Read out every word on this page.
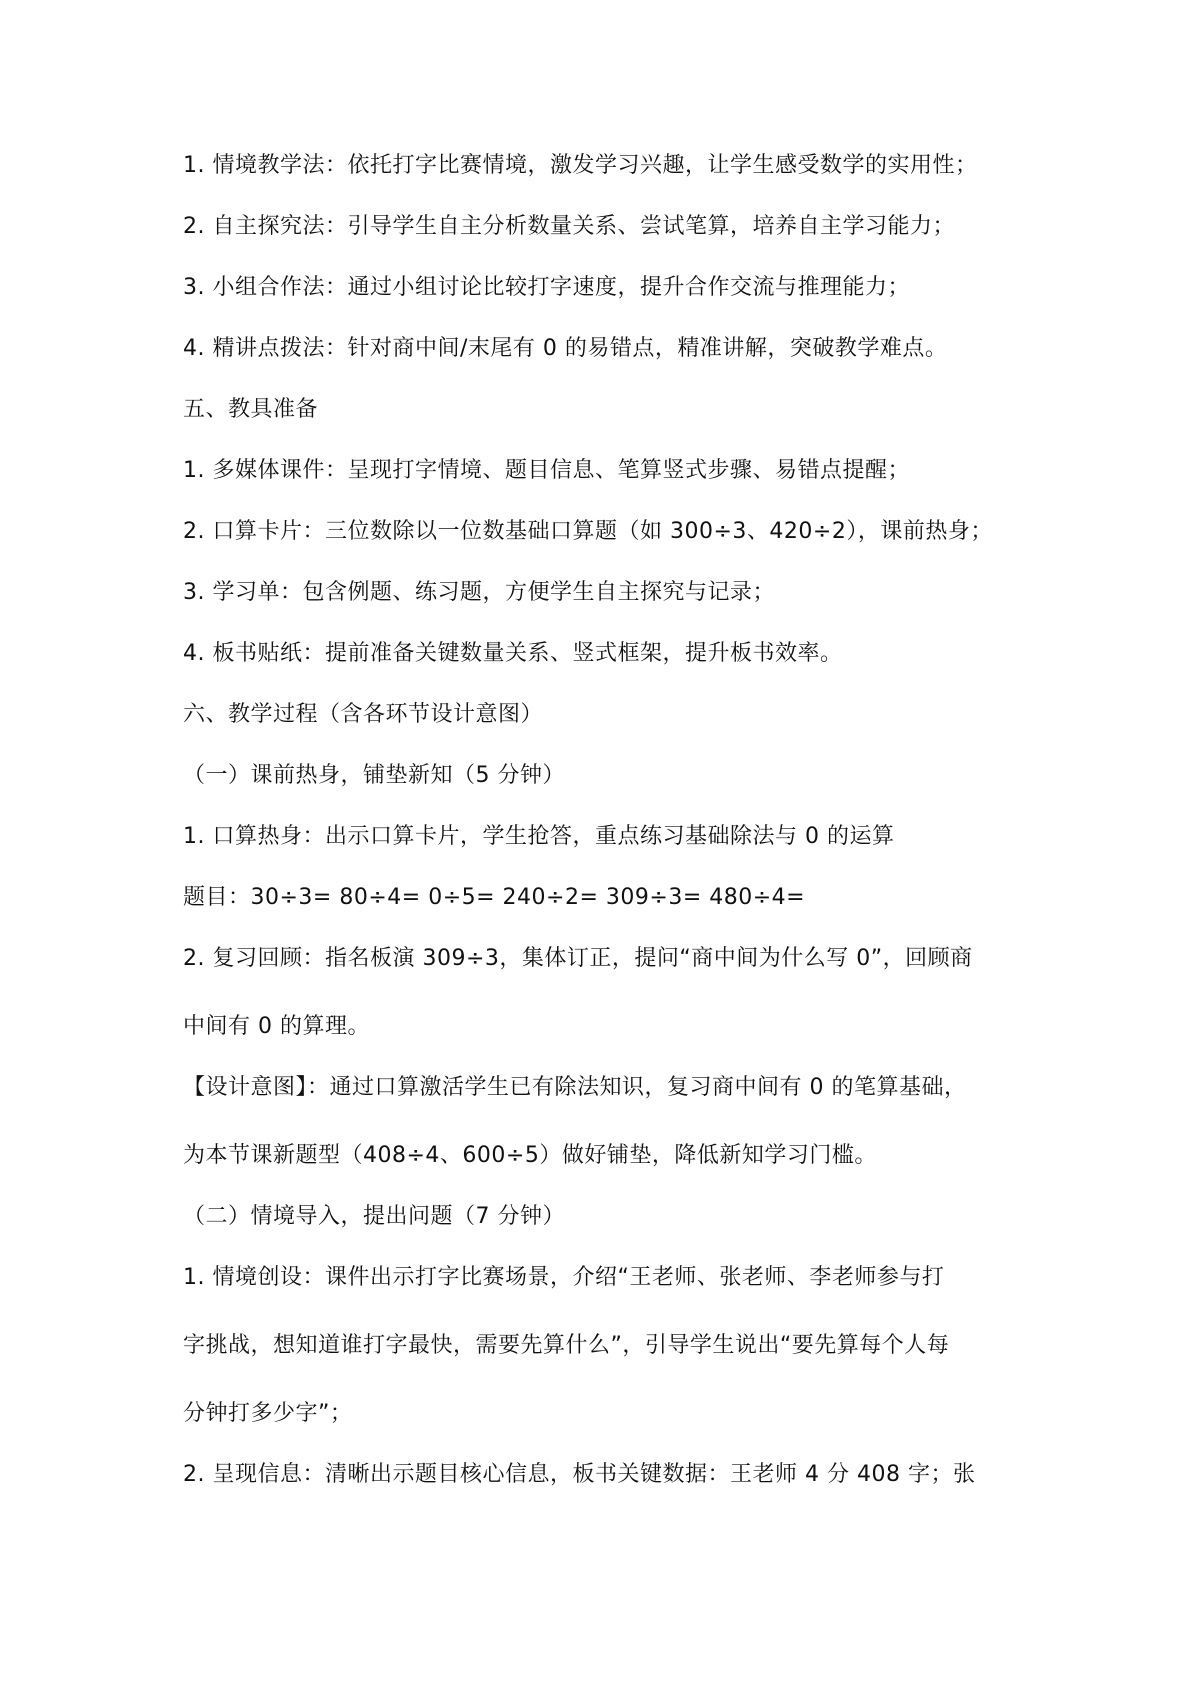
1. 情境教学法：依托打字比赛情境，激发学习兴趣，让学生感受数学的实用性；

2. 自主探究法：引导学生自主分析数量关系、尝试笔算，培养自主学习能力；

3. 小组合作法：通过小组讨论比较打字速度，提升合作交流与推理能力；

4. 精讲点拨法：针对商中间/末尾有 0 的易错点，精准讲解，突破教学难点。

五、教具准备

1. 多媒体课件：呈现打字情境、题目信息、笔算竖式步骤、易错点提醒；

2. 口算卡片：三位数除以一位数基础口算题（如 300÷3、420÷2），课前热身；

3. 学习单：包含例题、练习题，方便学生自主探究与记录；

4. 板书贴纸：提前准备关键数量关系、竖式框架，提升板书效率。

六、教学过程（含各环节设计意图）

（一）课前热身，铺垫新知（5 分钟）

1. 口算热身：出示口算卡片，学生抢答，重点练习基础除法与 0 的运算

题目：30÷3= 80÷4= 0÷5= 240÷2= 309÷3= 480÷4=

2. 复习回顾：指名板演 309÷3，集体订正，提问“商中间为什么写 0”，回顾商

中间有 0 的算理。

【设计意图】：通过口算激活学生已有除法知识，复习商中间有 0 的笔算基础，

为本节课新题型（408÷4、600÷5）做好铺垫，降低新知学习门槛。

（二）情境导入，提出问题（7 分钟）

1. 情境创设：课件出示打字比赛场景，介绍“王老师、张老师、李老师参与打

字挑战，想知道谁打字最快，需要先算什么”，引导学生说出“要先算每个人每

分钟打多少字”；

2. 呈现信息：清晰出示题目核心信息，板书关键数据：王老师 4 分 408 字；张
